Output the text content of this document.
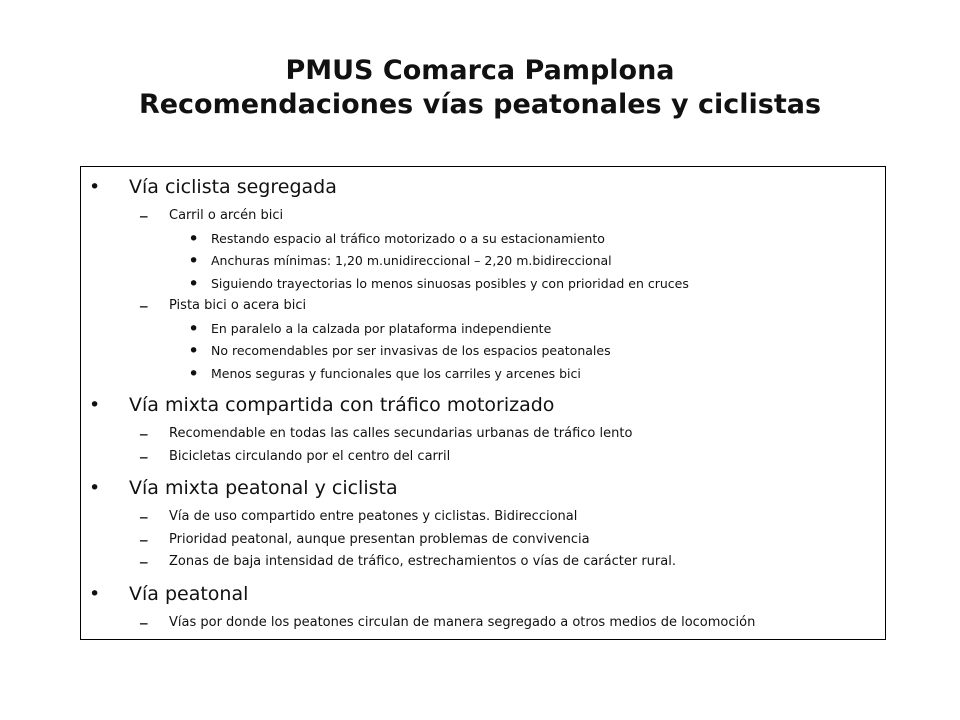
PMUS Comarca Pamplona
Recomendaciones vías peatonales y ciclistas
• Vía ciclista segregada
– Carril o arcén bici
• Restando espacio al tráfico motorizado o a su estacionamiento
• Anchuras mínimas: 1,20 m.unidireccional – 2,20 m.bidireccional
• Siguiendo trayectorias lo menos sinuosas posibles y con prioridad en cruces
– Pista bici o acera bici
• En paralelo a la calzada por plataforma independiente
• No recomendables por ser invasivas de los espacios peatonales
• Menos seguras y funcionales que los carriles y arcenes bici
• Vía mixta compartida con tráfico motorizado
– Recomendable en todas las calles secundarias urbanas de tráfico lento
– Bicicletas circulando por el centro del carril
• Vía mixta peatonal y ciclista
– Vía de uso compartido entre peatones y ciclistas. Bidireccional
– Prioridad peatonal, aunque presentan problemas de convivencia
– Zonas de baja intensidad de tráfico, estrechamientos o vías de carácter rural.
• Vía peatonal
– Vías por donde los peatones circulan de manera segregado a otros medios de locomoción
